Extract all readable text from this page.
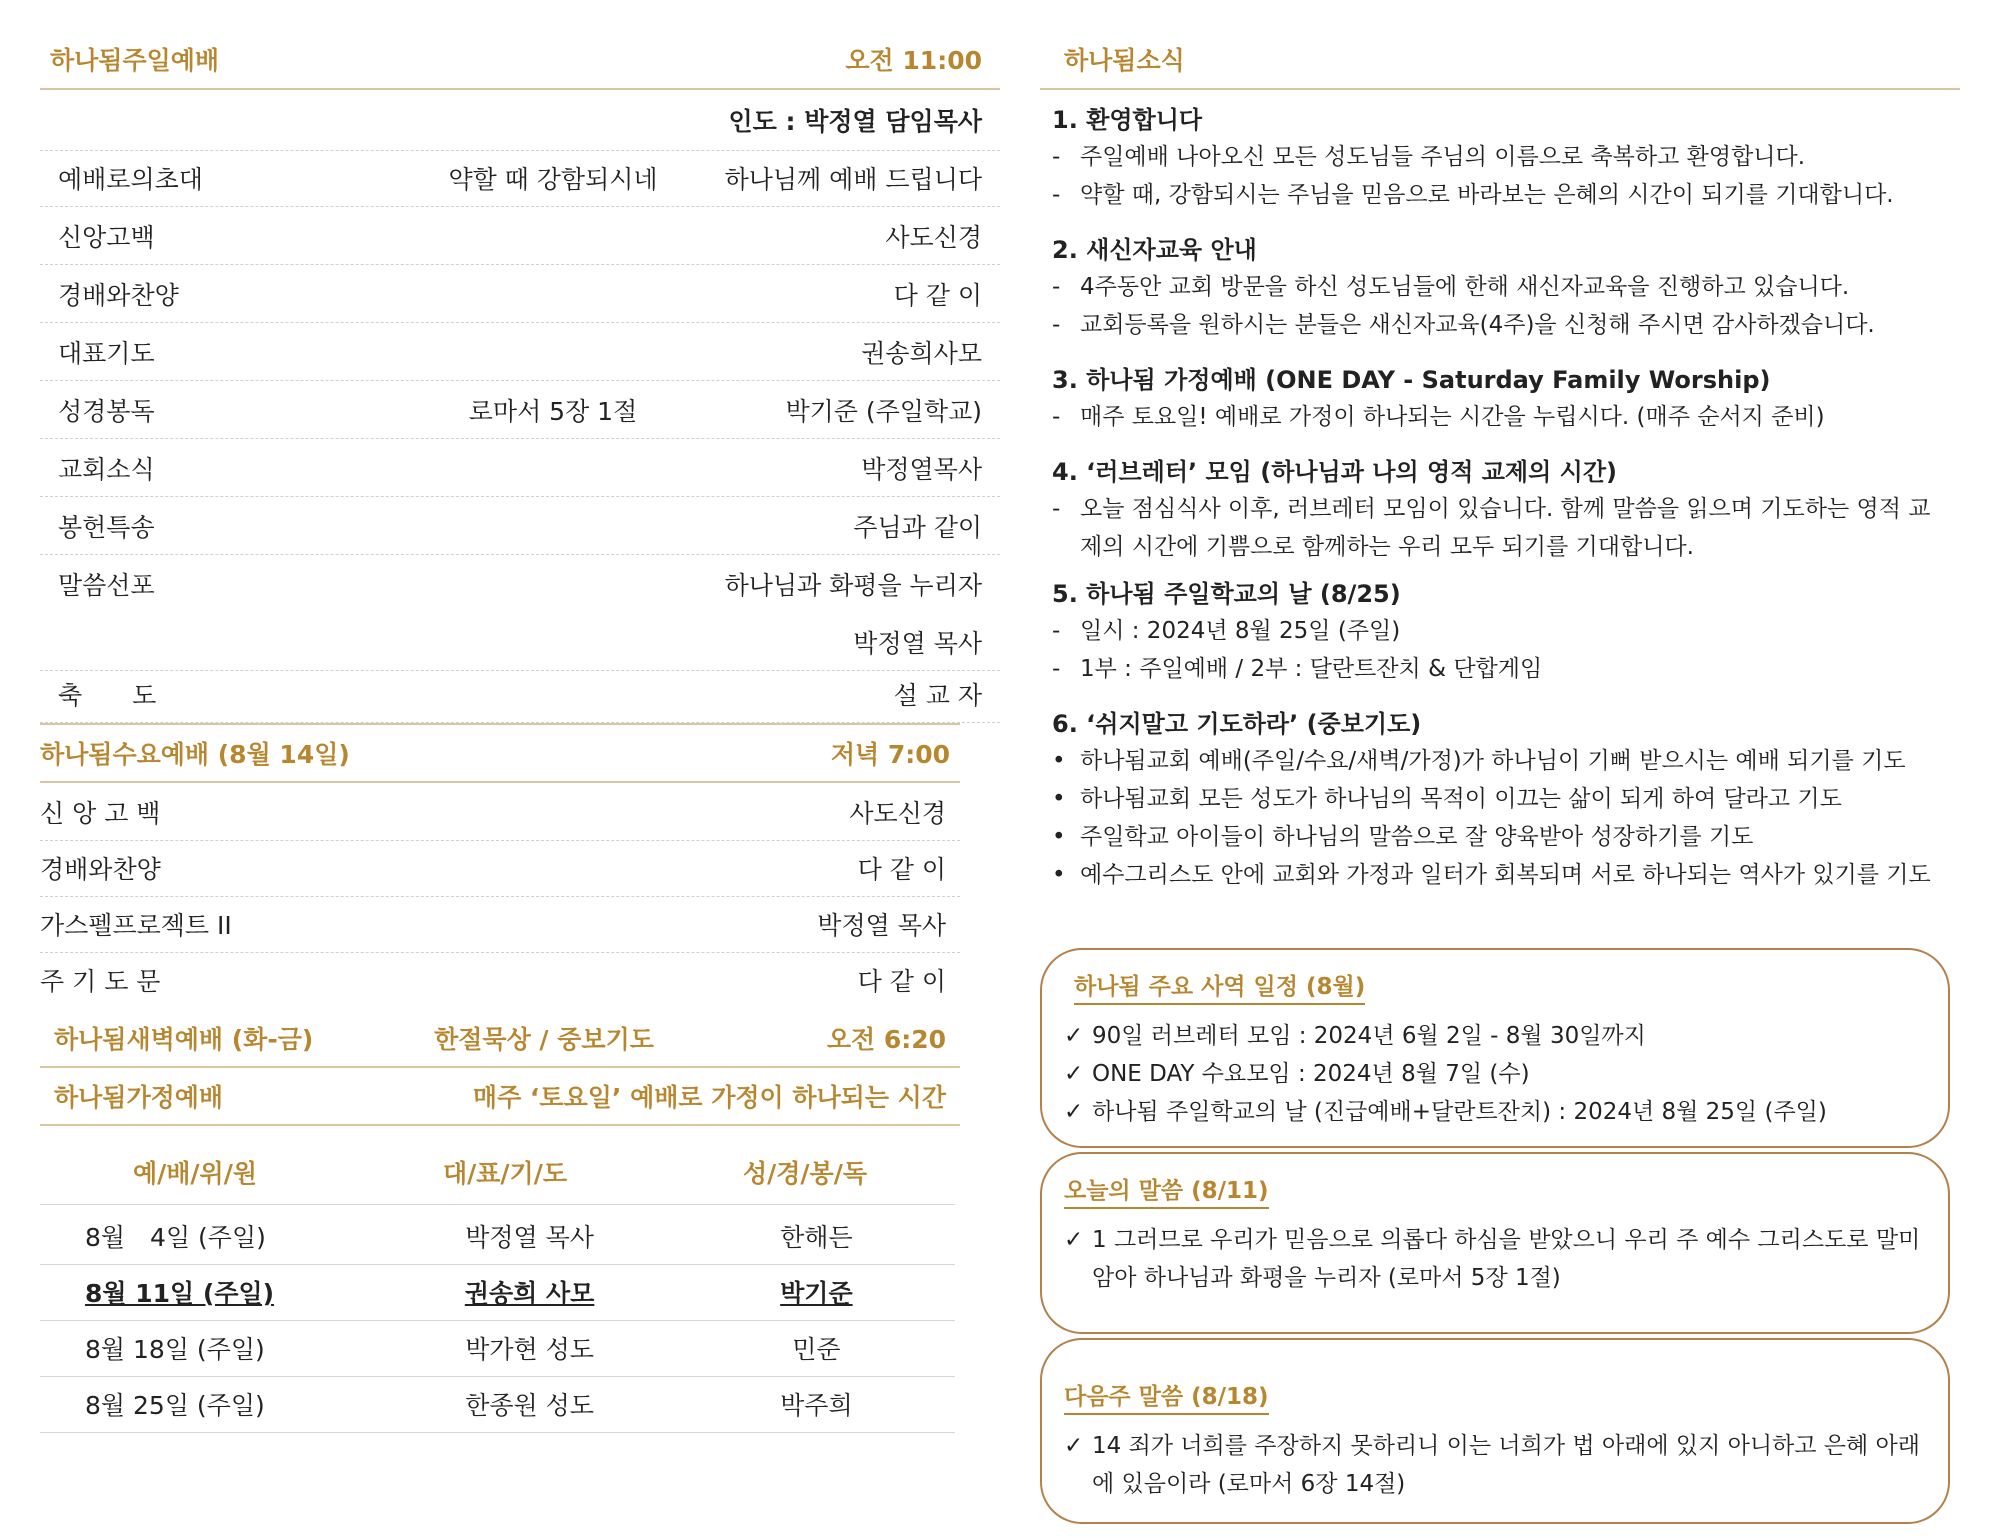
하나됨주일예배	오전 11:00
인도 : 박정열 담임목사
예배로의초대	약할 때 강함되시네	하나님께 예배 드립니다
신앙고백	사도신경
경배와찬양	다 같 이
대표기도	권송희사모
성경봉독	로마서 5장 1절	박기준 (주일학교)
교회소식	박정열목사
봉헌특송	주님과 같이
말씀선포	하나님과 화평을 누리자
박정열 목사
축　　도	설 교 자
하나됨수요예배 (8월 14일)	저녁 7:00
신 앙 고 백	사도신경
경배와찬양	다 같 이
가스펠프로젝트 II	박정열 목사
주 기 도 문	다 같 이
하나됨새벽예배 (화-금)	한절묵상 / 중보기도	오전 6:20
하나됨가정예배	매주 ‘토요일’ 예배로 가정이 하나되는 시간
예/배/위/원	대/표/기/도	성/경/봉/독
8월　4일 (주일)	박정열 목사	한해든
8월 11일 (주일)	권송희 사모	박기준
8월 18일 (주일)	박가현 성도	민준
8월 25일 (주일)	한종원 성도	박주희
하나됨소식
1. 환영합니다
- 주일예배 나아오신 모든 성도님들 주님의 이름으로 축복하고 환영합니다.
- 약할 때, 강함되시는 주님을 믿음으로 바라보는 은혜의 시간이 되기를 기대합니다.
2. 새신자교육 안내
- 4주동안 교회 방문을 하신 성도님들에 한해 새신자교육을 진행하고 있습니다.
- 교회등록을 원하시는 분들은 새신자교육(4주)을 신청해 주시면 감사하겠습니다.
3. 하나됨 가정예배 (ONE DAY - Saturday Family Worship)
- 매주 토요일! 예배로 가정이 하나되는 시간을 누립시다. (매주 순서지 준비)
4. ‘러브레터’ 모임 (하나님과 나의 영적 교제의 시간)
- 오늘 점심식사 이후, 러브레터 모임이 있습니다. 함께 말씀을 읽으며 기도하는 영적 교제의 시간에 기쁨으로 함께하는 우리 모두 되기를 기대합니다.
5. 하나됨 주일학교의 날 (8/25)
- 일시 : 2024년 8월 25일 (주일)
- 1부 : 주일예배 / 2부 : 달란트잔치 & 단합게임
6. ‘쉬지말고 기도하라’ (중보기도)
• 하나됨교회 예배(주일/수요/새벽/가정)가 하나님이 기뻐 받으시는 예배 되기를 기도
• 하나됨교회 모든 성도가 하나님의 목적이 이끄는 삶이 되게 하여 달라고 기도
• 주일학교 아이들이 하나님의 말씀으로 잘 양육받아 성장하기를 기도
• 예수그리스도 안에 교회와 가정과 일터가 회복되며 서로 하나되는 역사가 있기를 기도
하나됨 주요 사역 일정 (8월)
✓ 90일 러브레터 모임 : 2024년 6월 2일 - 8월 30일까지
✓ ONE DAY 수요모임 : 2024년 8월 7일 (수)
✓ 하나됨 주일학교의 날 (진급예배+달란트잔치) : 2024년 8월 25일 (주일)
오늘의 말씀 (8/11)
✓ 1 그러므로 우리가 믿음으로 의롭다 하심을 받았으니 우리 주 예수 그리스도로 말미암아 하나님과 화평을 누리자 (로마서 5장 1절)
다음주 말씀 (8/18)
✓ 14 죄가 너희를 주장하지 못하리니 이는 너희가 법 아래에 있지 아니하고 은혜 아래에 있음이라 (로마서 6장 14절)
